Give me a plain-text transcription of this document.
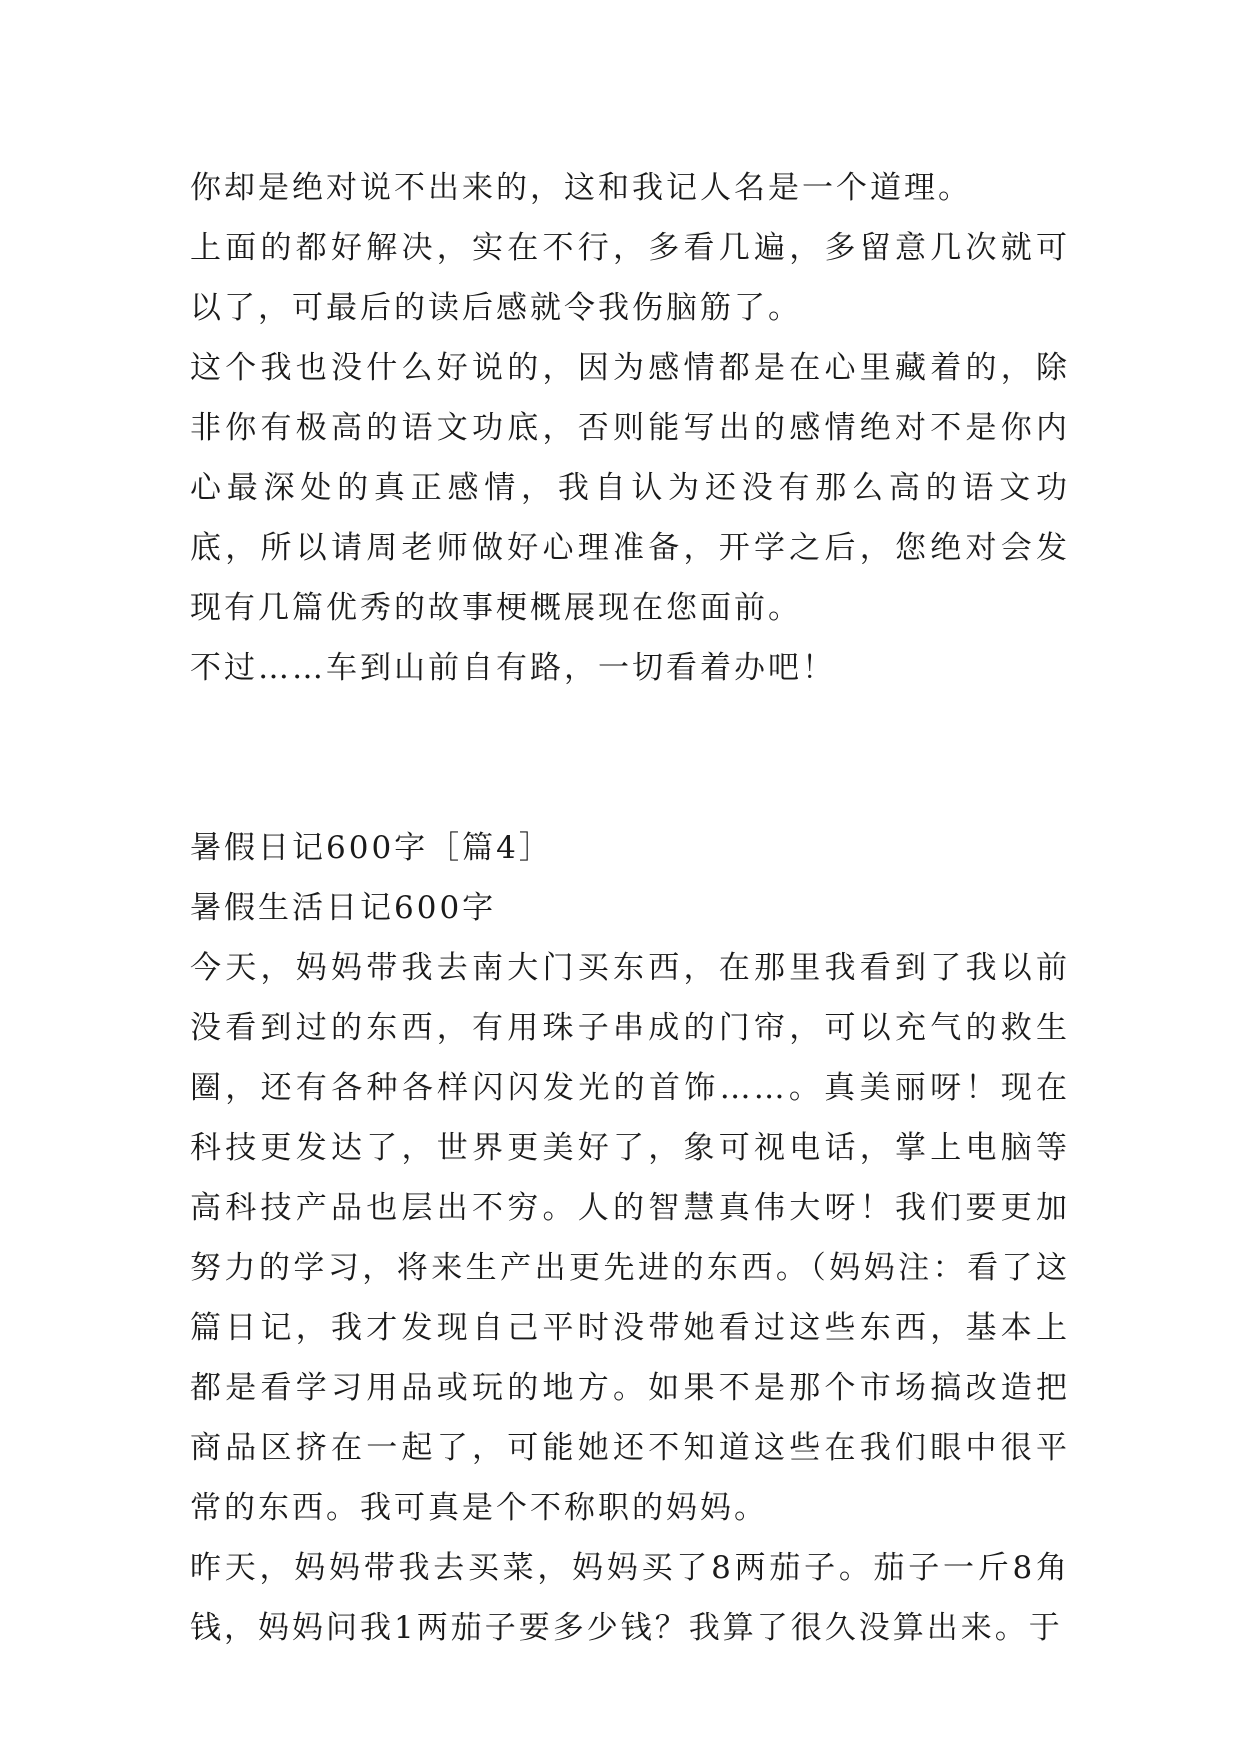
你却是绝对说不出来的，这和我记人名是一个道理。

上面的都好解决，实在不行，多看几遍，多留意几次就可以了，可最后的读后感就令我伤脑筋了。

这个我也没什么好说的，因为感情都是在心里藏着的，除非你有极高的语文功底，否则能写出的感情绝对不是你内心最深处的真正感情，我自认为还没有那么高的语文功底，所以请周老师做好心理准备，开学之后，您绝对会发现有几篇优秀的故事梗概展现在您面前。

不过……车到山前自有路，一切看着办吧！

暑假日记600字［篇4］

暑假生活日记600字

今天，妈妈带我去南大门买东西，在那里我看到了我以前没看到过的东西，有用珠子串成的门帘，可以充气的救生圈，还有各种各样闪闪发光的首饰……。真美丽呀！现在科技更发达了，世界更美好了，象可视电话，掌上电脑等高科技产品也层出不穷。人的智慧真伟大呀！我们要更加努力的学习，将来生产出更先进的东西。（妈妈注：看了这篇日记，我才发现自己平时没带她看过这些东西，基本上都是看学习用品或玩的地方。如果不是那个市场搞改造把商品区挤在一起了，可能她还不知道这些在我们眼中很平常的东西。我可真是个不称职的妈妈。

昨天，妈妈带我去买菜，妈妈买了8两茄子。茄子一斤8角钱，妈妈问我1两茄子要多少钱？我算了很久没算出来。于
